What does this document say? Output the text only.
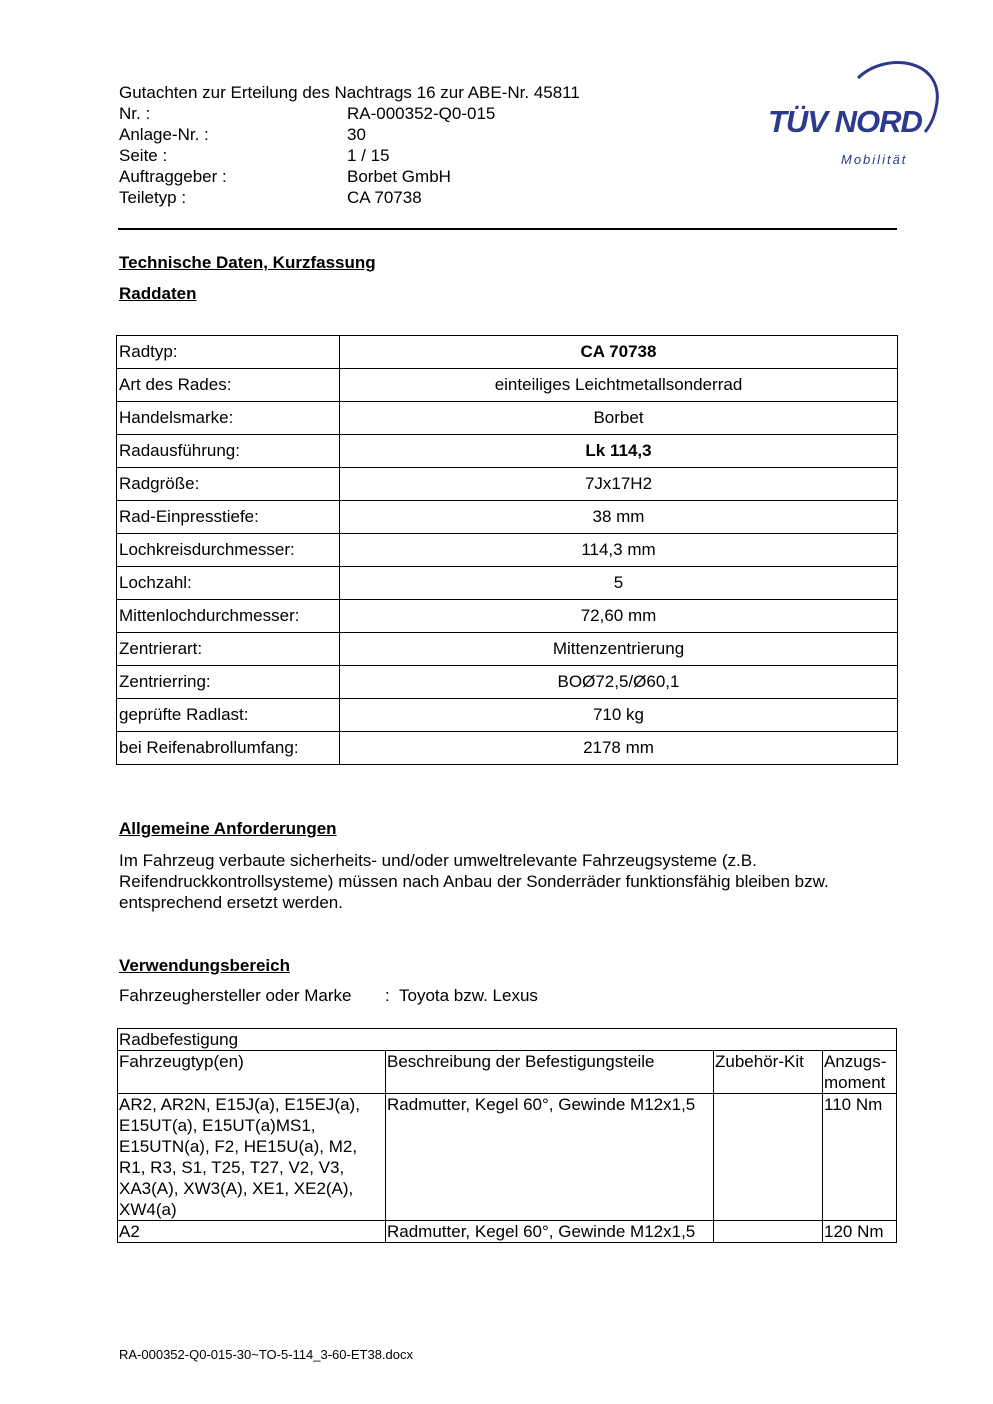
Gutachten zur Erteilung des Nachtrags 16 zur ABE-Nr. 45811
Nr. :	RA-000352-Q0-015
Anlage-Nr. :	30
Seite :	1 / 15
Auftraggeber :	Borbet GmbH
Teiletyp :	CA 70738
TÜV NORD
Mobilität
Technische Daten, Kurzfassung
Raddaten
Radtyp:	CA 70738
Art des Rades:	einteiliges Leichtmetallsonderrad
Handelsmarke:	Borbet
Radausführung:	Lk 114,3
Radgröße:	7Jx17H2
Rad-Einpresstiefe:	38 mm
Lochkreisdurchmesser:	114,3 mm
Lochzahl:	5
Mittenlochdurchmesser:	72,60 mm
Zentrierart:	Mittenzentrierung
Zentrierring:	BOØ72,5/Ø60,1
geprüfte Radlast:	710 kg
bei Reifenabrollumfang:	2178 mm
Allgemeine Anforderungen
Im Fahrzeug verbaute sicherheits- und/oder umweltrelevante Fahrzeugsysteme (z.B. Reifendruckkontrollsysteme) müssen nach Anbau der Sonderräder funktionsfähig bleiben bzw. entsprechend ersetzt werden.
Verwendungsbereich
Fahrzeughersteller oder Marke	: Toyota bzw. Lexus
Radbefestigung			
Fahrzeugtyp(en)	Beschreibung der Befestigungsteile	Zubehör-Kit	Anzugs-moment
AR2, AR2N, E15J(a), E15EJ(a), E15UT(a), E15UT(a)MS1, E15UTN(a), F2, HE15U(a), M2, R1, R3, S1, T25, T27, V2, V3, XA3(A), XW3(A), XE1, XE2(A), XW4(a)	Radmutter, Kegel 60°, Gewinde M12x1,5		110 Nm
A2	Radmutter, Kegel 60°, Gewinde M12x1,5		120 Nm
RA-000352-Q0-015-30~TO-5-114_3-60-ET38.docx
